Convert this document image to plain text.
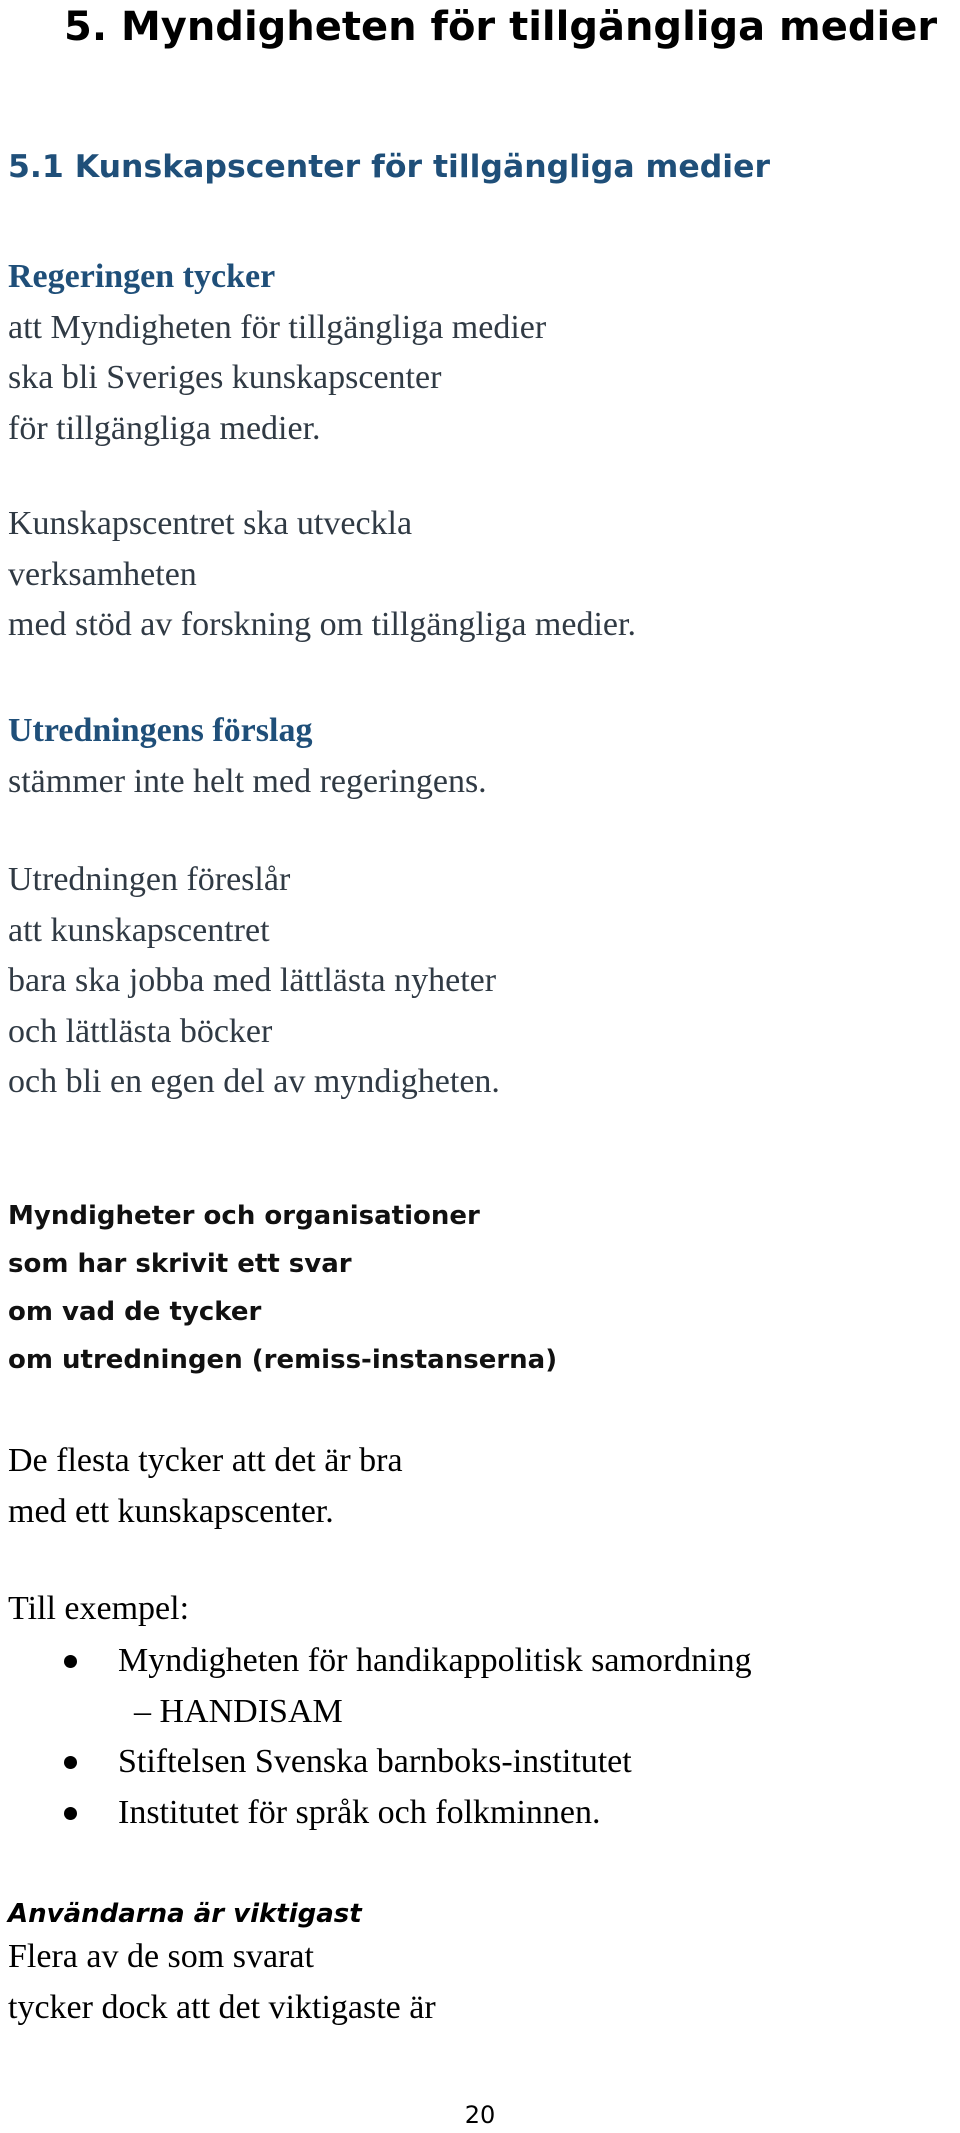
5. Myndigheten för tillgängliga medier
5.1 Kunskapscenter för tillgängliga medier
Regeringen tycker
att Myndigheten för tillgängliga medier
ska bli Sveriges kunskapscenter
för tillgängliga medier.
Kunskapscentret ska utveckla
verksamheten
med stöd av forskning om tillgängliga medier.
Utredningens förslag
stämmer inte helt med regeringens.
Utredningen föreslår
att kunskapscentret
bara ska jobba med lättlästa nyheter
och lättlästa böcker
och bli en egen del av myndigheten.
Myndigheter och organisationer
som har skrivit ett svar
om vad de tycker
om utredningen (remiss-instanserna)
De flesta tycker att det är bra
med ett kunskapscenter.
Till exempel:
Myndigheten för handikappolitisk samordning
– HANDISAM
Stiftelsen Svenska barnboks-institutet
Institutet för språk och folkminnen.
Användarna är viktigast
Flera av de som svarat
tycker dock att det viktigaste är
20
